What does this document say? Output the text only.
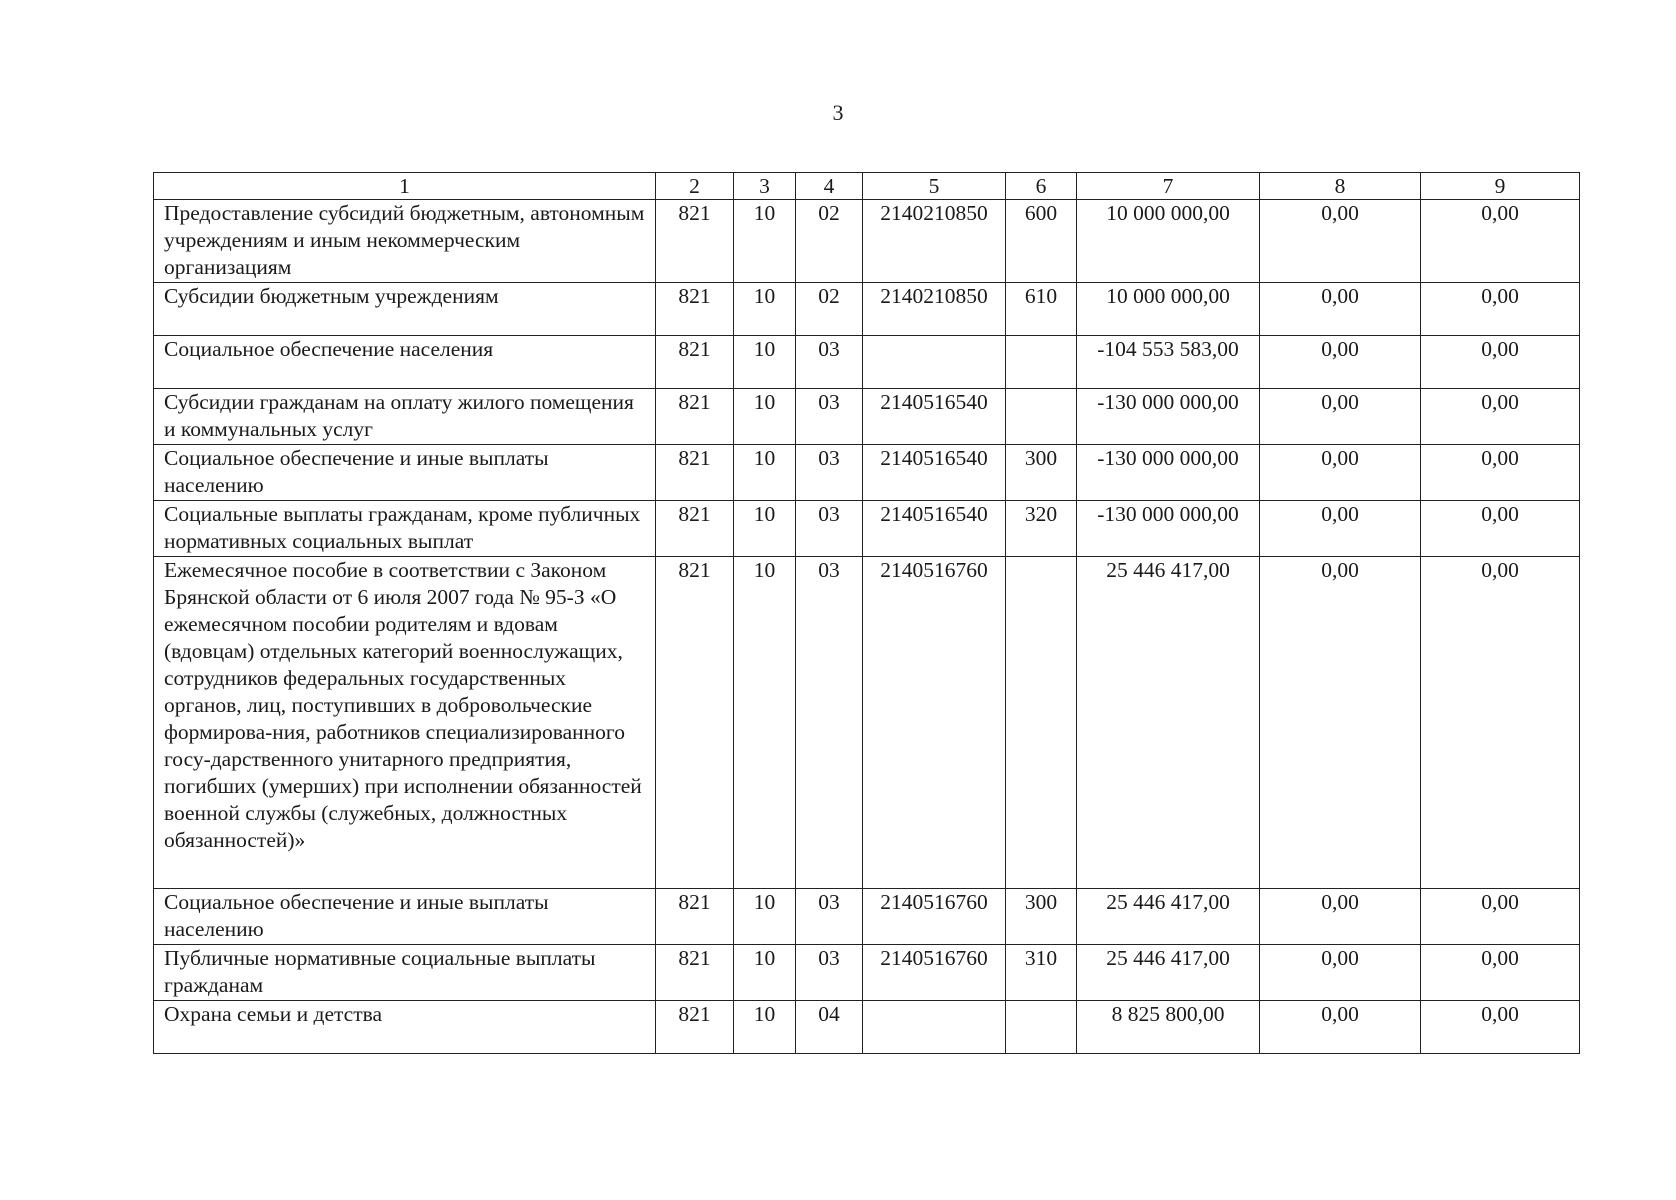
3
1	2	3	4	5	6	7	8	9
Предоставление субсидий бюджетным, автономным учреждениям и иным некоммерческим организациям	821	10	02	2140210850	600	10 000 000,00	0,00	0,00
Субсидии бюджетным учреждениям	821	10	02	2140210850	610	10 000 000,00	0,00	0,00
Социальное обеспечение населения	821	10	03			-104 553 583,00	0,00	0,00
Субсидии гражданам на оплату жилого помещения и коммунальных услуг	821	10	03	2140516540		-130 000 000,00	0,00	0,00
Социальное обеспечение и иные выплаты населению	821	10	03	2140516540	300	-130 000 000,00	0,00	0,00
Социальные выплаты гражданам, кроме публичных нормативных социальных выплат	821	10	03	2140516540	320	-130 000 000,00	0,00	0,00
Ежемесячное пособие в соответствии с Законом Брянской области от 6 июля 2007 года № 95-З «О ежемесячном пособии родителям и вдовам (вдовцам) отдельных категорий военнослужащих, сотрудников федеральных государственных органов, лиц, поступивших в добровольческие формирова-ния, работников специализированного госу-дарственного унитарного предприятия, погибших (умерших) при исполнении обязанностей военной службы (служебных, должностных обязанностей)»	821	10	03	2140516760		25 446 417,00	0,00	0,00
Социальное обеспечение и иные выплаты населению	821	10	03	2140516760	300	25 446 417,00	0,00	0,00
Публичные нормативные социальные выплаты гражданам	821	10	03	2140516760	310	25 446 417,00	0,00	0,00
Охрана семьи и детства	821	10	04			8 825 800,00	0,00	0,00
